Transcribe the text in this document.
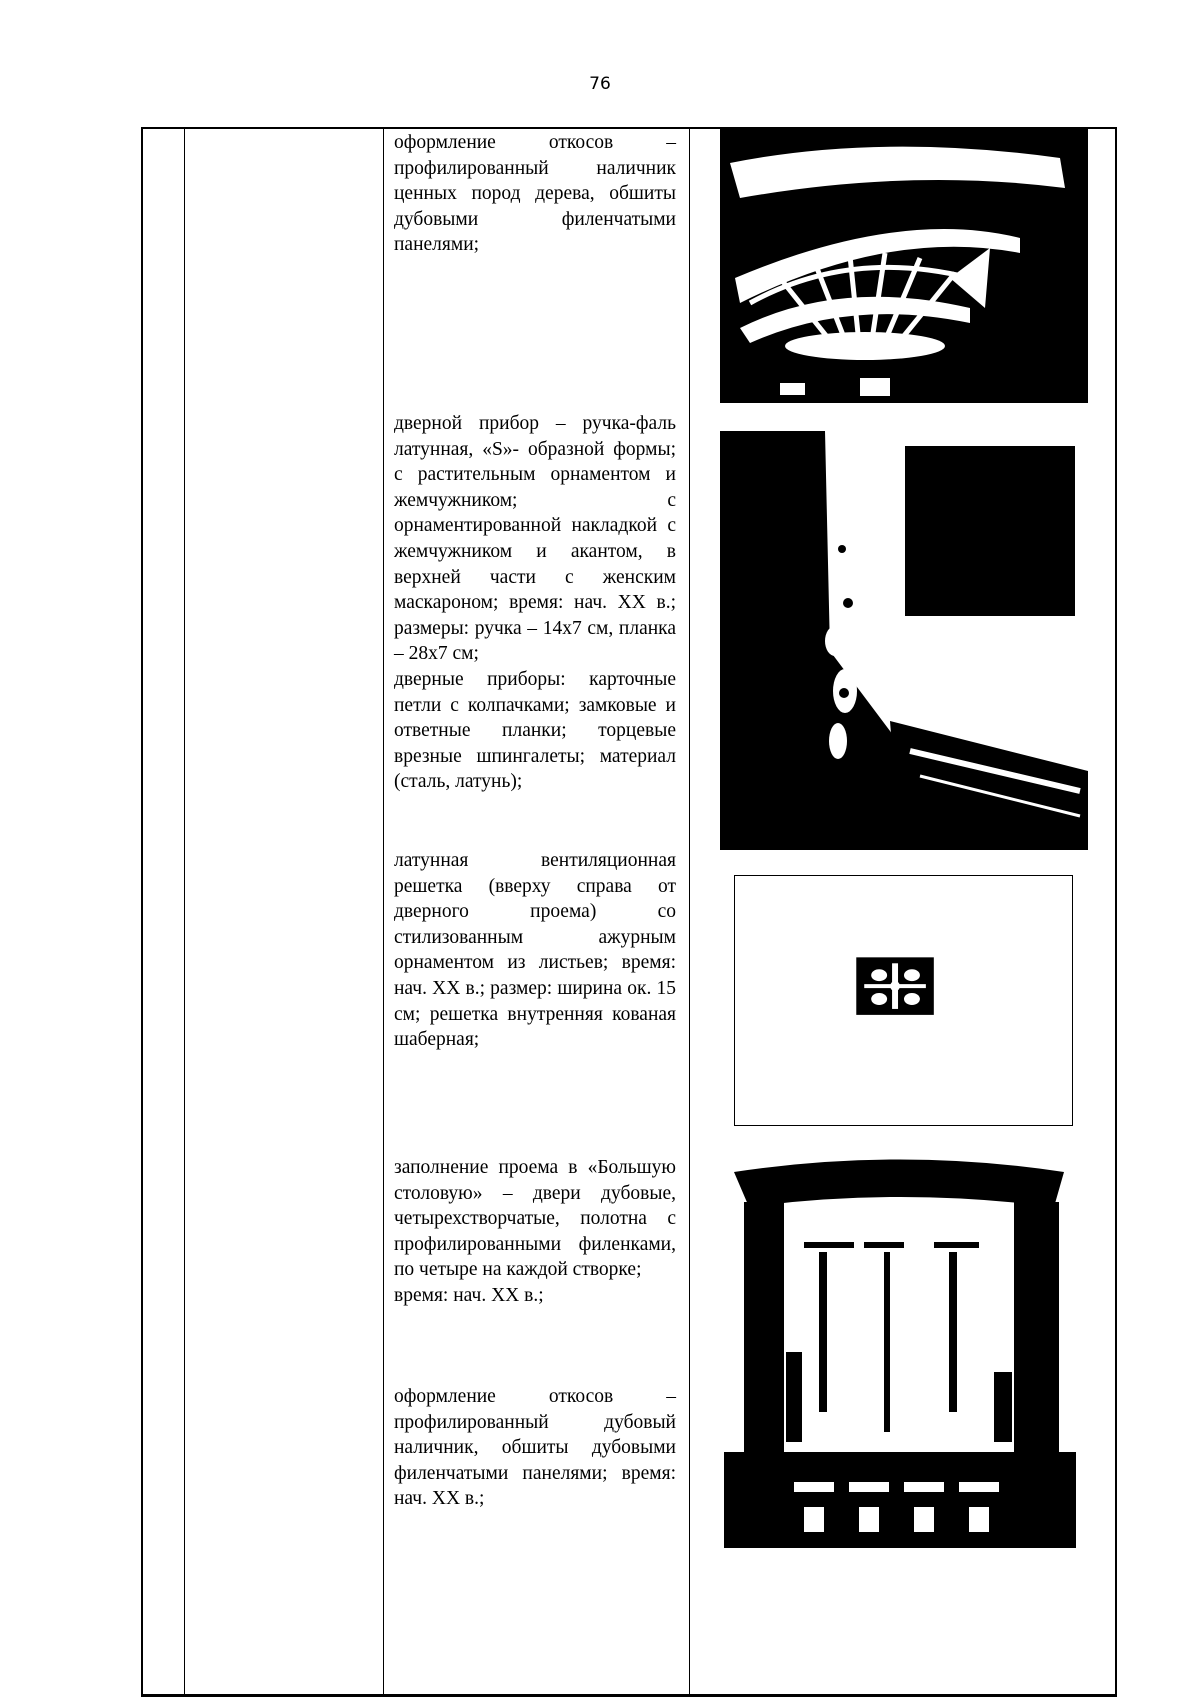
76

оформление откосов – профилированный наличник ценных пород дерева, обшиты дубовыми филенчатыми панелями;

дверной прибор – ручка-фаль латунная, «S»- образной формы; с растительным орнаментом и жемчужником; с орнаментированной накладкой с жемчужником и акантом, в верхней части с женским маскароном; время: нач. XX в.; размеры: ручка – 14х7 см, планка – 28х7 см;

дверные приборы: карточные петли с колпачками; замковые и ответные планки; торцевые врезные шпингалеты; материал (сталь, латунь);

латунная вентиляционная решетка (вверху справа от дверного проема) со стилизованным ажурным орнаментом из листьев; время: нач. XX в.; размер: ширина ок. 15 см; решетка внутренняя кованая шаберная;

заполнение проема в «Большую столовую» – двери дубовые, четырехстворчатые, полотна с профилированными филенками, по четыре на каждой створке;

время: нач. XX в.;

оформление откосов – профилированный дубовый наличник, обшиты дубовыми филенчатыми панелями; время: нач. XX в.;
